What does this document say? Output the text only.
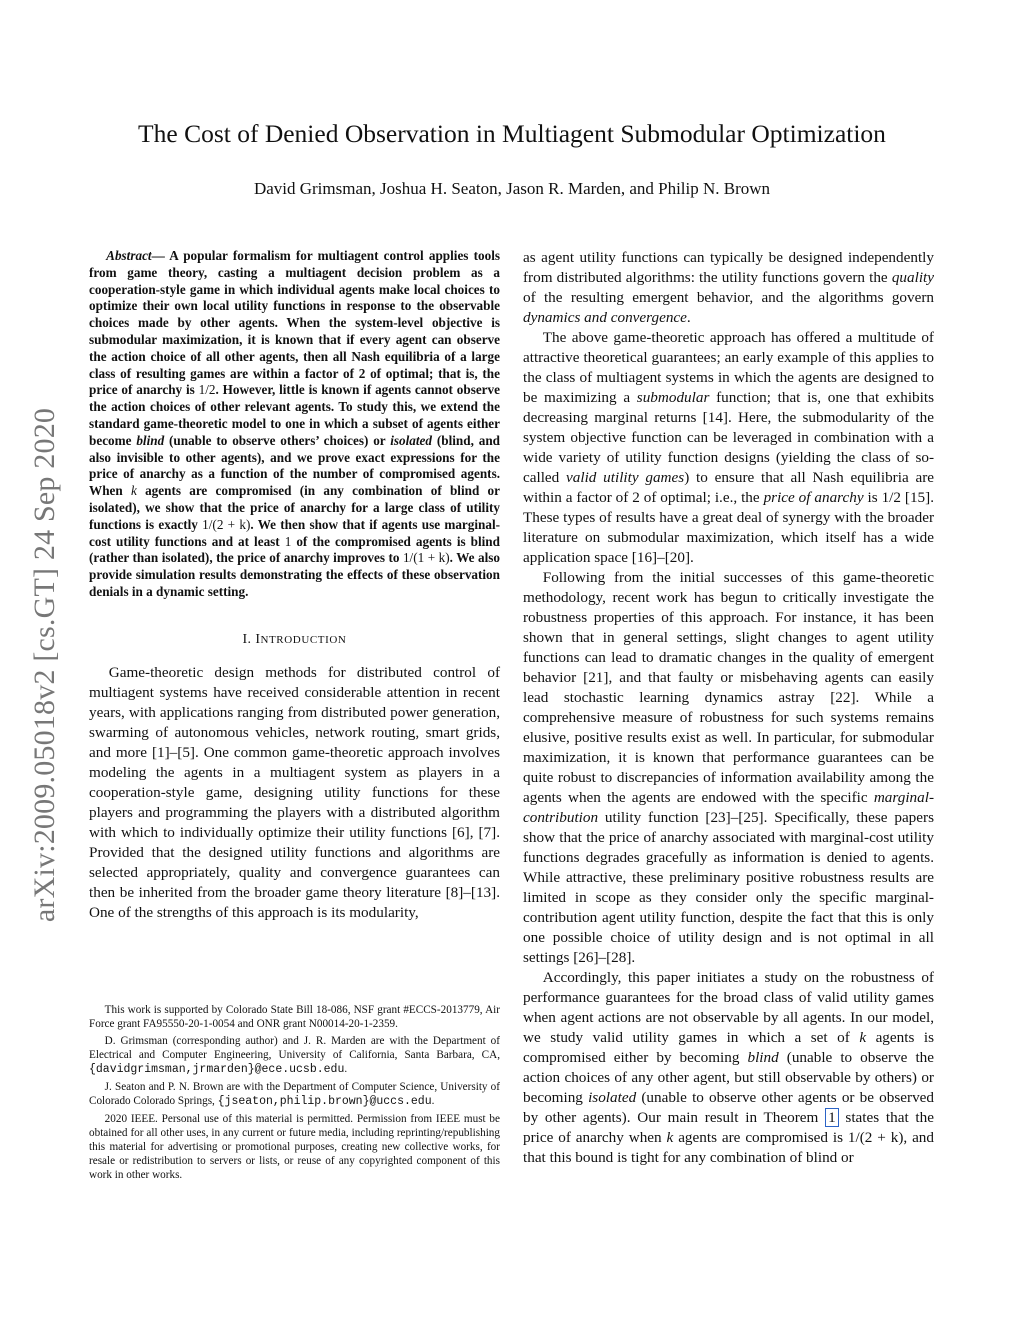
arXiv:2009.05018v2 [cs.GT] 24 Sep 2020
The Cost of Denied Observation in Multiagent Submodular Optimization
David Grimsman, Joshua H. Seaton, Jason R. Marden, and Philip N. Brown

Abstract— A popular formalism for multiagent control applies tools from game theory, casting a multiagent decision problem as a cooperation-style game in which individual agents make local choices to optimize their own local utility functions in response to the observable choices made by other agents. When the system-level objective is submodular maximization, it is known that if every agent can observe the action choice of all other agents, then all Nash equilibria of a large class of resulting games are within a factor of 2 of optimal; that is, the price of anarchy is 1/2. However, little is known if agents cannot observe the action choices of other relevant agents. To study this, we extend the standard game-theoretic model to one in which a subset of agents either become blind (unable to observe others’ choices) or isolated (blind, and also invisible to other agents), and we prove exact expressions for the price of anarchy as a function of the number of compromised agents. When k agents are compromised (in any combination of blind or isolated), we show that the price of anarchy for a large class of utility functions is exactly 1/(2 + k). We then show that if agents use marginal-cost utility functions and at least 1 of the compromised agents is blind (rather than isolated), the price of anarchy improves to 1/(1 + k). We also provide simulation results demonstrating the effects of these observation denials in a dynamic setting.

I. INTRODUCTION

Game-theoretic design methods for distributed control of multiagent systems have received considerable attention in recent years, with applications ranging from distributed power generation, swarming of autonomous vehicles, network routing, smart grids, and more [1]–[5]. One common game-theoretic approach involves modeling the agents in a multiagent system as players in a cooperation-style game, designing utility functions for these players and programming the players with a distributed algorithm with which to individually optimize their utility functions [6], [7]. Provided that the designed utility functions and algorithms are selected appropriately, quality and convergence guarantees can then be inherited from the broader game theory literature [8]–[13]. One of the strengths of this approach is its modularity,

as agent utility functions can typically be designed independently from distributed algorithms: the utility functions govern the quality of the resulting emergent behavior, and the algorithms govern dynamics and convergence.

The above game-theoretic approach has offered a multitude of attractive theoretical guarantees; an early example of this applies to the class of multiagent systems in which the agents are designed to be maximizing a submodular function; that is, one that exhibits decreasing marginal returns [14]. Here, the submodularity of the system objective function can be leveraged in combination with a wide variety of utility function designs (yielding the class of so-called valid utility games) to ensure that all Nash equilibria are within a factor of 2 of optimal; i.e., the price of anarchy is 1/2 [15]. These types of results have a great deal of synergy with the broader literature on submodular maximization, which itself has a wide application space [16]–[20].

Following from the initial successes of this game-theoretic methodology, recent work has begun to critically investigate the robustness properties of this approach. For instance, it has been shown that in general settings, slight changes to agent utility functions can lead to dramatic changes in the quality of emergent behavior [21], and that faulty or misbehaving agents can easily lead stochastic learning dynamics astray [22]. While a comprehensive measure of robustness for such systems remains elusive, positive results exist as well. In particular, for submodular maximization, it is known that performance guarantees can be quite robust to discrepancies of information availability among the agents when the agents are endowed with the specific marginal-contribution utility function [23]–[25]. Specifically, these papers show that the price of anarchy associated with marginal-cost utility functions degrades gracefully as information is denied to agents. While attractive, these preliminary positive robustness results are limited in scope as they consider only the specific marginal-contribution agent utility function, despite the fact that this is only one possible choice of utility design and is not optimal in all settings [26]–[28].

Accordingly, this paper initiates a study on the robustness of performance guarantees for the broad class of valid utility games when agent actions are not observable by all agents. In our model, we study valid utility games in which a set of k agents is compromised either by becoming blind (unable to observe the action choices of any other agent, but still observable by others) or becoming isolated (unable to observe other agents or be observed by other agents). Our main result in Theorem 1 states that the price of anarchy when k agents are compromised is 1/(2 + k), and that this bound is tight for any combination of blind or

This work is supported by Colorado State Bill 18-086, NSF grant #ECCS-2013779, Air Force grant FA95550-20-1-0054 and ONR grant N00014-20-1-2359.

D. Grimsman (corresponding author) and J. R. Marden are with the Department of Electrical and Computer Engineering, University of California, Santa Barbara, CA, {davidgrimsman,jrmarden}@ece.ucsb.edu.

J. Seaton and P. N. Brown are with the Department of Computer Science, University of Colorado Colorado Springs, {jseaton,philip.brown}@uccs.edu.

2020 IEEE. Personal use of this material is permitted. Permission from IEEE must be obtained for all other uses, in any current or future media, including reprinting/republishing this material for advertising or promotional purposes, creating new collective works, for resale or redistribution to servers or lists, or reuse of any copyrighted component of this work in other works.
